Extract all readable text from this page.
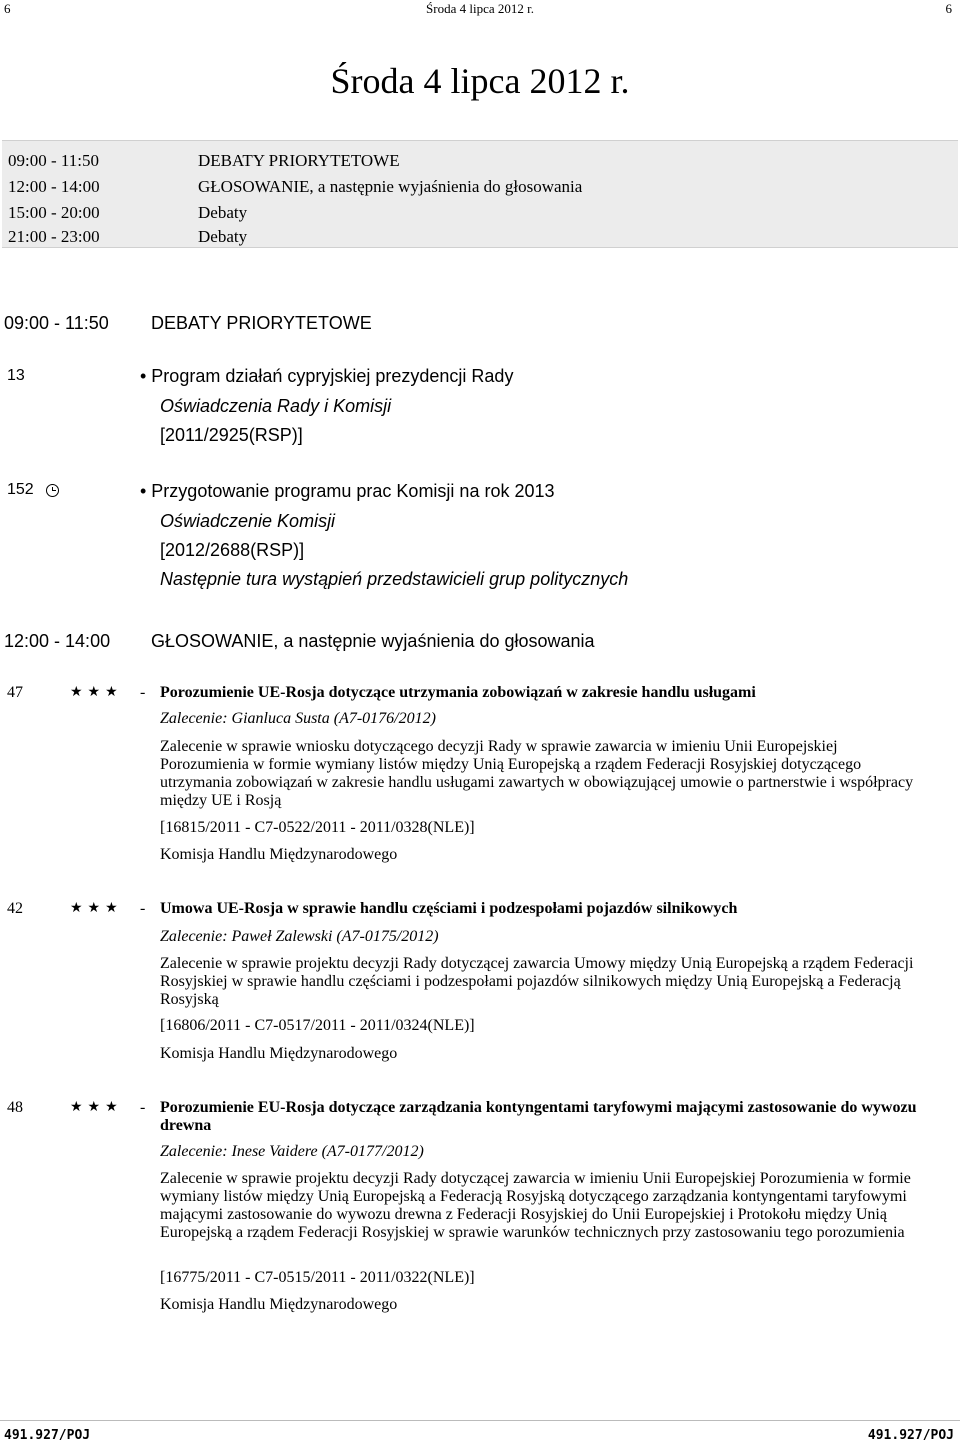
6	Środa 4 lipca 2012 r.	6
Środa 4 lipca 2012 r.
09:00 - 11:50	DEBATY PRIORYTETOWE
12:00 - 14:00	GŁOSOWANIE, a następnie wyjaśnienia do głosowania
15:00 - 20:00	Debaty
21:00 - 23:00	Debaty
09:00 - 11:50 DEBATY PRIORYTETOWE
13	• Program działań cypryjskiej prezydencji Rady
Oświadczenia Rady i Komisji
[2011/2925(RSP)]
152	• Przygotowanie programu prac Komisji na rok 2013
Oświadczenie Komisji
[2012/2688(RSP)]
Następnie tura wystąpień przedstawicieli grup politycznych
12:00 - 14:00 GŁOSOWANIE, a następnie wyjaśnienia do głosowania
47	★★★ - Porozumienie UE-Rosja dotyczące utrzymania zobowiązań w zakresie handlu usługami
Zalecenie: Gianluca Susta (A7-0176/2012)
Zalecenie w sprawie wniosku dotyczącego decyzji Rady w sprawie zawarcia w imieniu Unii Europejskiej Porozumienia w formie wymiany listów między Unią Europejską a rządem Federacji Rosyjskiej dotyczącego utrzymania zobowiązań w zakresie handlu usługami zawartych w obowiązującej umowie o partnerstwie i współpracy między UE i Rosją
[16815/2011 - C7-0522/2011 - 2011/0328(NLE)]
Komisja Handlu Międzynarodowego
42	★★★ - Umowa UE-Rosja w sprawie handlu częściami i podzespołami pojazdów silnikowych
Zalecenie: Paweł Zalewski (A7-0175/2012)
Zalecenie w sprawie projektu decyzji Rady dotyczącej zawarcia Umowy między Unią Europejską a rządem Federacji Rosyjskiej w sprawie handlu częściami i podzespołami pojazdów silnikowych między Unią Europejską a Federacją Rosyjską
[16806/2011 - C7-0517/2011 - 2011/0324(NLE)]
Komisja Handlu Międzynarodowego
48	★★★ - Porozumienie EU-Rosja dotyczące zarządzania kontyngentami taryfowymi mającymi zastosowanie do wywozu drewna
Zalecenie: Inese Vaidere (A7-0177/2012)
Zalecenie w sprawie projektu decyzji Rady dotyczącej zawarcia w imieniu Unii Europejskiej Porozumienia w formie wymiany listów między Unią Europejską a Federacją Rosyjską dotyczącego zarządzania kontyngentami taryfowymi mającymi zastosowanie do wywozu drewna z Federacji Rosyjskiej do Unii Europejskiej i Protokołu między Unią Europejską a rządem Federacji Rosyjskiej w sprawie warunków technicznych przy zastosowaniu tego porozumienia
[16775/2011 - C7-0515/2011 - 2011/0322(NLE)]
Komisja Handlu Międzynarodowego
491.927/POJ	491.927/POJ
